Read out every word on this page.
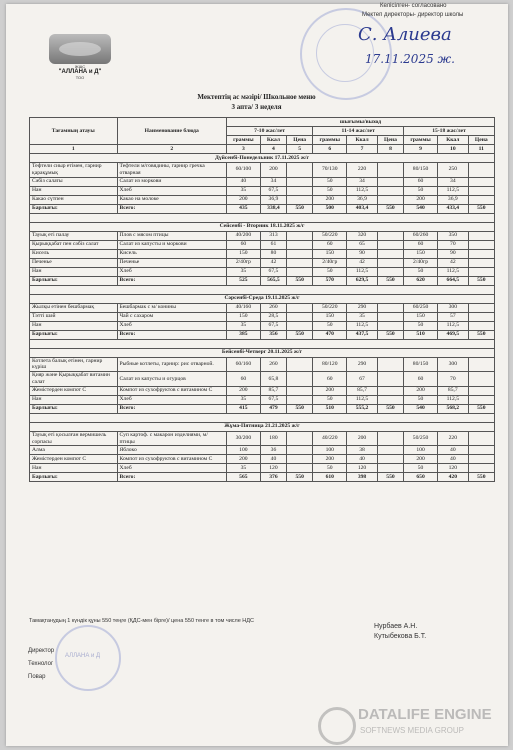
ЖШС
"АЛЛАНА и Д"
ТОО
Келісілген- согласовано
Мектеп директоры- директор школы
С. Алиева
17.11.2025 ж.
Мектептің ас мәзірі/ Школьное меню
3 апта/ 3 неделя
Тағамның атауы	Наименование блюда	шығымы/выход								
		7-10 жас/лет			11-14 жас/лет			15-18 жас/лет		
		граммы	Ккал	Цена	граммы	Ккал	Цена	граммы	Ккал	Цена
1	2	3	4	5	6	7	8	9	10	11
Дүйсенбі-Понедельник 17.11.2025 ж/г										
Тефтели сиыр етімен, гарнир қарақұмық	Тефтели м/говядины, гарнир гречка отварная	60/100	200		70/130	220		80/150	250	
Сәбіз салаты	Салат из моркови	40	34		50	34		60	34	
Нан	Хлеб	35	67,5		50	112,5		50	112,5	
Какао сүтпен	Какао на молоке	200	36,9		200	36,9		200	36,9	
Барлығы:	Всего:	435	338,4	550	500	403,4	550	540	433,4	550

Сейсенбі - Вторник 18.11.2025 ж/г										
Тауық еті палау	Плов с мясом птицы	40/200	313		50/220	320		60/260	350	
Қырыққабат пен сәбіз салат	Салат из капусты и моркови	60	61		60	65		60	70	
Кисель	Кисель	150	80		150	90		150	90	
Печенье	Печенье	2/40гр	42		2/40гр	42		2/40гр	42	
Нан	Хлеб	35	67,5		50	112,5		50	112,5	
Барлығы:	Всего:	525	565,5	550	570	629,5	550	620	664,5	550

Сәрсенбі-Среда 19.11.2025 ж/г										
Жылқы етінен бешбармақ	Бешбармак с м/ конины	40/160	260		50/220	290		60/250	300	
Тәтті шәй	Чай с сахаром	150	28,5		150	35		150	57	
Нан	Хлеб	35	67,5		50	112,5		50	112,5	
Барлығы:	Всего:	385	356	550	470	437,5	550	510	469,5	550

Бейсенбі-Четверг 20.11.2025 ж/г										
Котлета балық етінен, гарнир күріш	Рыбные котлеты, гарнир: рис отварной.	60/160	260		80/120	290		80/150	300	
Қияр және Қырыққабат витамин салат	Салат из капусты и огурцов	60	65,8		60	67		60	70	
Жемістерден компот С	Компот из сухофруктов с витамином С	200	85,7		200	85,7		200	85,7	
Нан	Хлеб	35	67,5		50	112,5		50	112,5	
Барлығы:	Всего:	415	479	550	510	555,2	550	540	568,2	550

Жұма-Пятница 21.21.2025 ж/г										
Тауық еті қосылған вермишель сорпасы	Суп картоф. с макарон изделиями, м/ птицы	30/200	180		40/220	200		50/250	220	
Алма	Яблоко	100	36		100	38		100	40	
Жемістерден компот С	Компот из сухофруктов с витамином С	200	40		200	40		200	40	
Нан	Хлеб	35	120		50	120		50	120	
Барлығы:	Всего:	565	376	550	610	398	550	650	420	550
Тамақтанудың 1 күндік құны 550 теңге (ҚДС-мен бірге)/ цена 550 тенге в том числе НДС
АЛЛАНА и Д
Директор
Технолог
Повар
Нурбаев А.Н.
Кутыбекова Б.Т.
DATALIFE ENGINE
SOFTNEWS MEDIA GROUP
